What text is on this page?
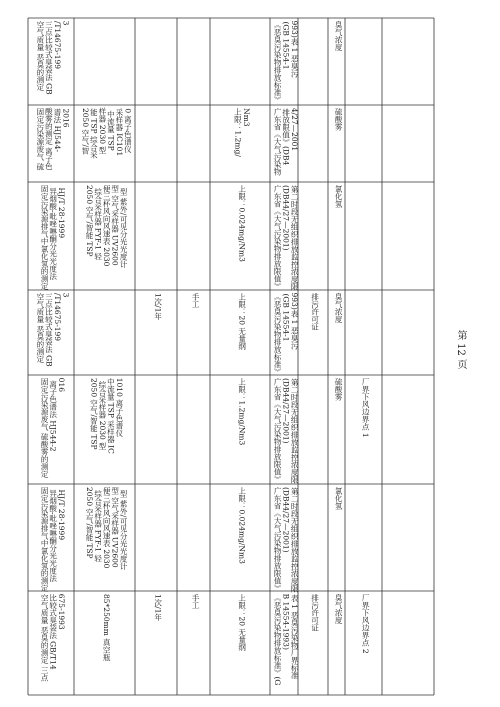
臭气浓度
《恶臭污染物排放标准》(GB 14554-1993)表 1 恶臭污
空气质量 恶臭的测定 三点比较式臭袋法 GB/T14675-1993
硫酸雾
广东省《大气污染物排放限值》(DB44/27—2001
上限：1.2mg/Nm3
2050 空气/智能 TSP 综合采样器 2030 型 中流量 TSP 采样器 IC1010 离子色谱仪
固定污染源废气 硫酸雾的测定 离子色谱法 HJ544-2016
氯化氢
广东省《大气污染物排放限值》(DB44/27—2001)第二时段无组织排放监控浓度限
上限：0.024mg/Nm3
2050 空气/智能 TSP 综合采样器 FYF-1 轻便三杯风向风速表 2030 型 空气采样器 UV2600 型 紫外/可见分光光度计
固定污染源排气中氯化氢的测定 异烟酸-吡唑啉酮分光光度法 HJ/T 28-1999
臭气浓度
排污许可证
《恶臭污染物排放标准》(GB 14554-1993)表 1 恶臭污
上限：20 无量纲
手工
1次/1年
空气质量 恶臭的测定 三点比较式臭袋法 GB/T14675-1993
厂界下风边界点 1
硫酸雾
广东省《大气污染物排放限值》(DB44/27—2001)第二时段无组织排放监控浓度限
上限：1.2mg/Nm3
2050 空气/智能 TSP 综合采样器 2030 型 中流量 TSP 采样器 IC1010 离子色谱仪
固定污染源废气 硫酸雾的测定 离子色谱法 HJ544-2016
氯化氢
广东省《大气污染物排放限值》(DB44/27—2001)第二时段无组织排放监控浓度限
上限：0.024mg/Nm3
2050 空气/智能 TSP 综合采样器 FYF-1 轻便三杯风向风速表 2030 型 空气采样器 UV2600 型 紫外/可见分光光度计
固定污染源排气中氯化氢的测定 异烟酸-吡唑啉酮分光光度法 HJ/T 28-1999
厂界下风边界点 2
臭气浓度
排污许可证
《恶臭污染物排放标准》(GB 14554-1993)表 1 恶臭污染物厂界标准
上限：20 无量纲
手工
1次/1年
85*250mm 真空瓶
空气质量 恶臭的测定 三点比较式臭袋法 GB/T14675-1993
第 12 页
